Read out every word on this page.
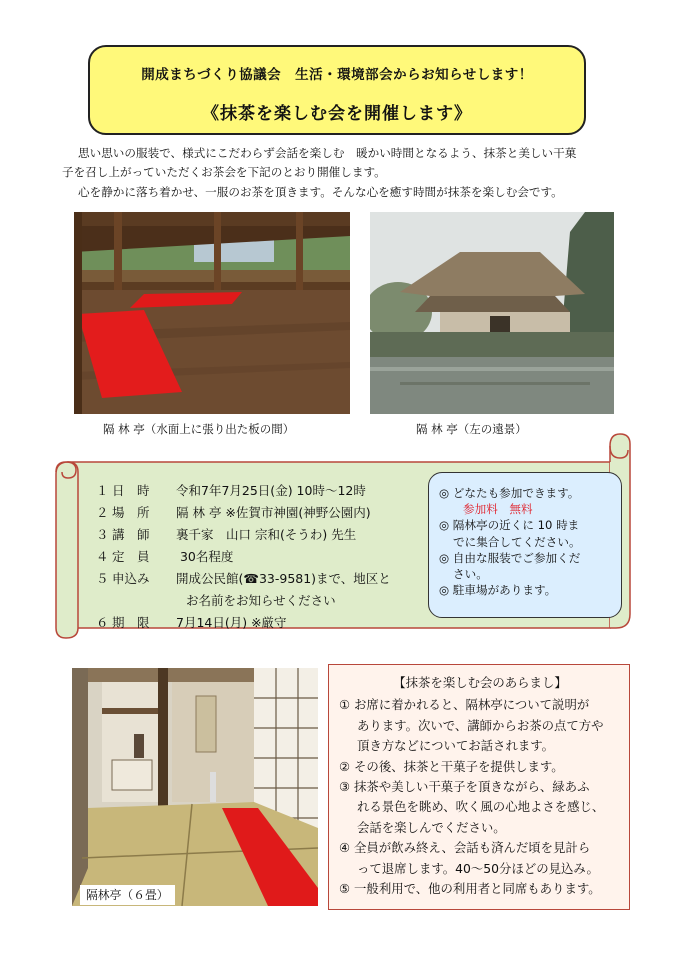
開成まちづくり協議会　生活・環境部会からお知らせします！
《抹茶を楽しむ会を開催します》
思い思いの服装で、様式にこだわらず会話を楽しむ　暖かい時間となるよう、抹茶と美しい干菓
子を召し上がっていただくお茶会を下記のとおり開催します。
心を静かに落ち着かせ、一服のお茶を頂きます。そんな心を癒す時間が抹茶を楽しむ会です。
隔 林 亭（水面上に張り出た板の間）	隔 林 亭（左の遠景）
１ 日　時 令和7年7月25日(金) 10時〜12時
２ 場　所 隔 林 亭 ※佐賀市神園(神野公園内)
３ 講　師 裏千家　山口 宗和(そうわ) 先生
４ 定　員 30名程度
５ 申込み 開成公民館(☎33-9581)まで、地区と
お名前をお知らせください
６ 期　限 7月14日(月) ※厳守
◎ どなたも参加できます。
参加料　無料
◎ 隔林亭の近くに 10 時ま
でに集合してください。
◎ 自由な服装でご参加くだ
さい。
◎ 駐車場があります。
隔林亭（６畳）
【抹茶を楽しむ会のあらまし】
① お席に着かれると、隔林亭について説明が
あります。次いで、講師からお茶の点て方や
頂き方などについてお話されます。
② その後、抹茶と干菓子を提供します。
③ 抹茶や美しい干菓子を頂きながら、緑あふ
れる景色を眺め、吹く風の心地よさを感じ、
会話を楽しんでください。
④ 全員が飲み終え、会話も済んだ頃を見計ら
って退席します。40〜50分ほどの見込み。
⑤ 一般利用で、他の利用者と同席もあります。
